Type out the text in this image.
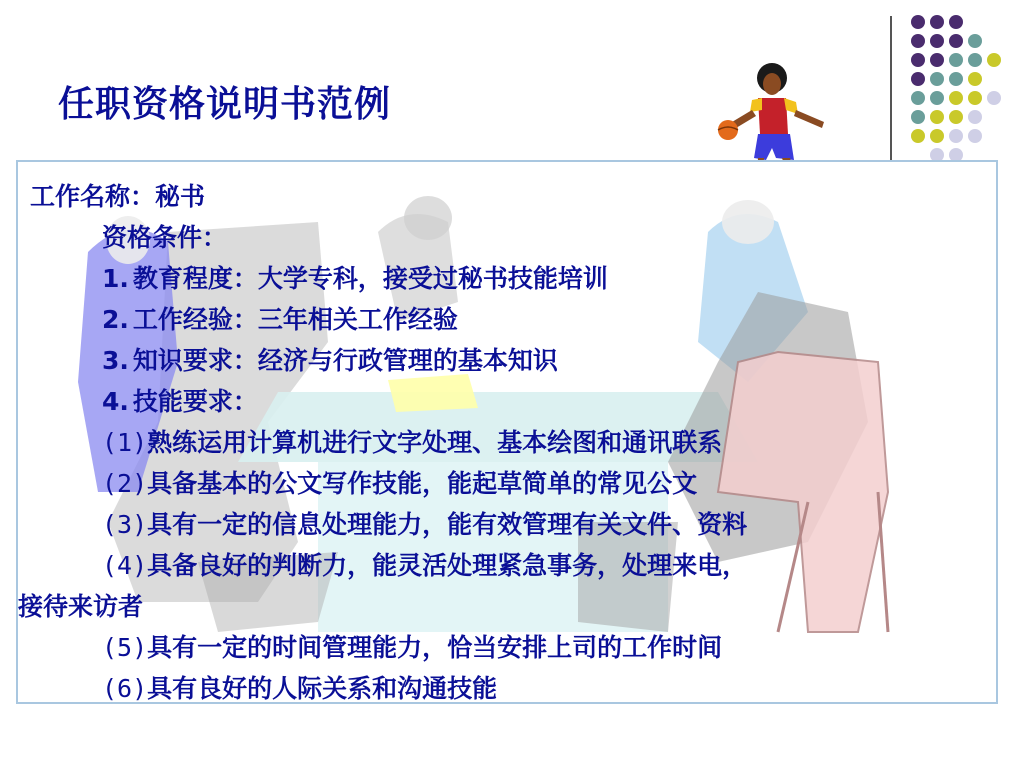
任职资格说明书范例
工作名称：秘书
资格条件：
1. 教育程度：大学专科，接受过秘书技能培训
2. 工作经验：三年相关工作经验
3. 知识要求：经济与行政管理的基本知识
4. 技能要求：
(1)熟练运用计算机进行文字处理、基本绘图和通讯联系
(2)具备基本的公文写作技能，能起草简单的常见公文
(3)具有一定的信息处理能力，能有效管理有关文件、资料
(4)具备良好的判断力，能灵活处理紧急事务，处理来电，
接待来访者
(5)具有一定的时间管理能力，恰当安排上司的工作时间
(6)具有良好的人际关系和沟通技能
